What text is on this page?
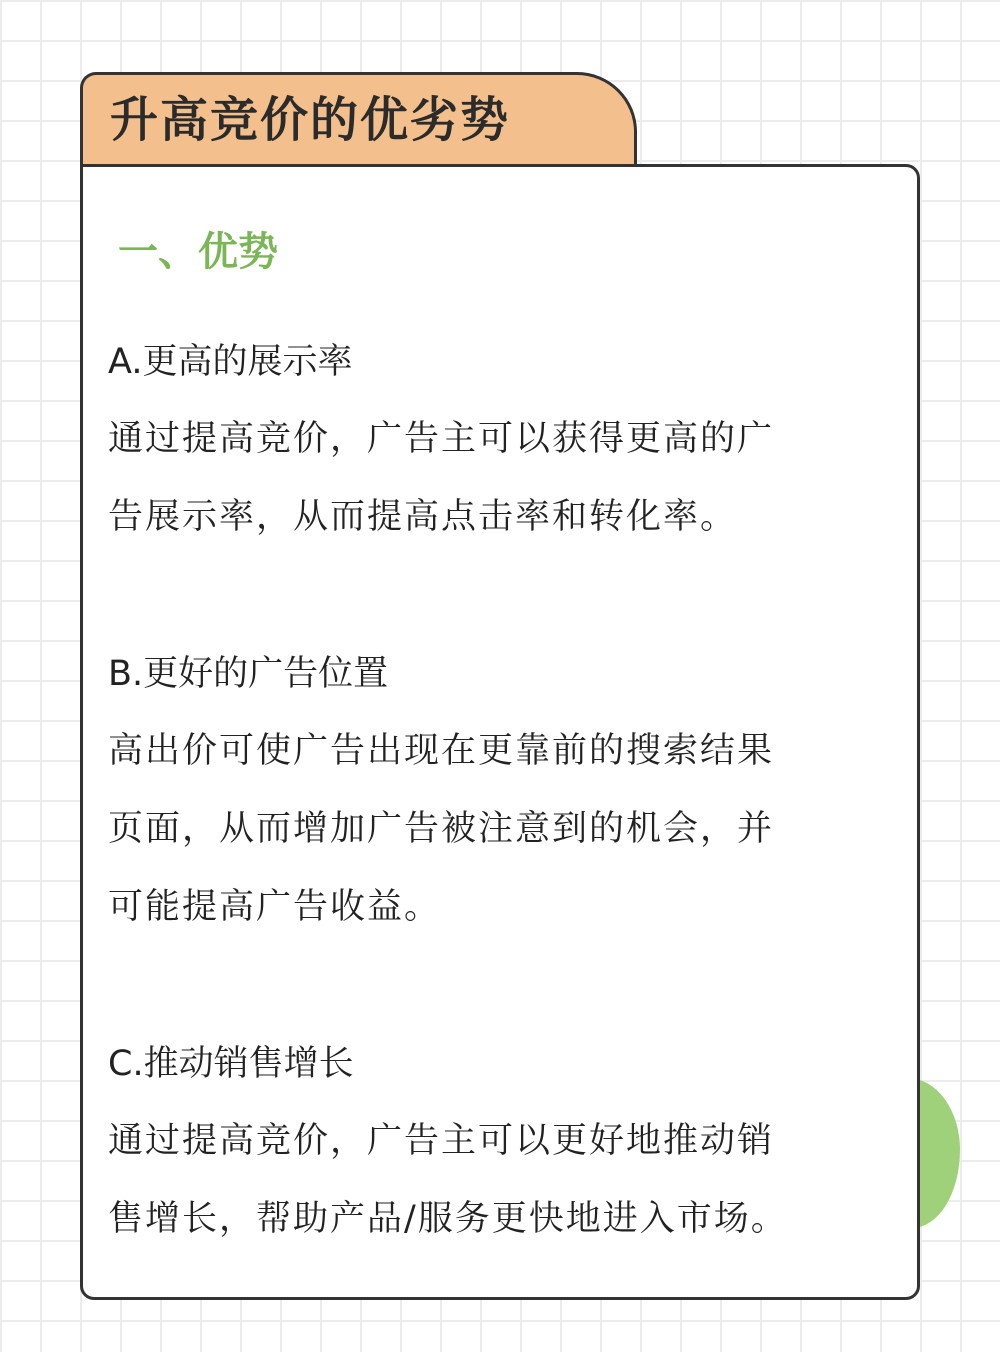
升高竞价的优劣势
一、优势
A.更高的展示率
通过提高竞价，广告主可以获得更高的广
告展示率，从而提高点击率和转化率。
B.更好的广告位置
高出价可使广告出现在更靠前的搜索结果
页面，从而增加广告被注意到的机会，并
可能提高广告收益。
C.推动销售增长
通过提高竞价，广告主可以更好地推动销
售增长，帮助产品/服务更快地进入市场。
